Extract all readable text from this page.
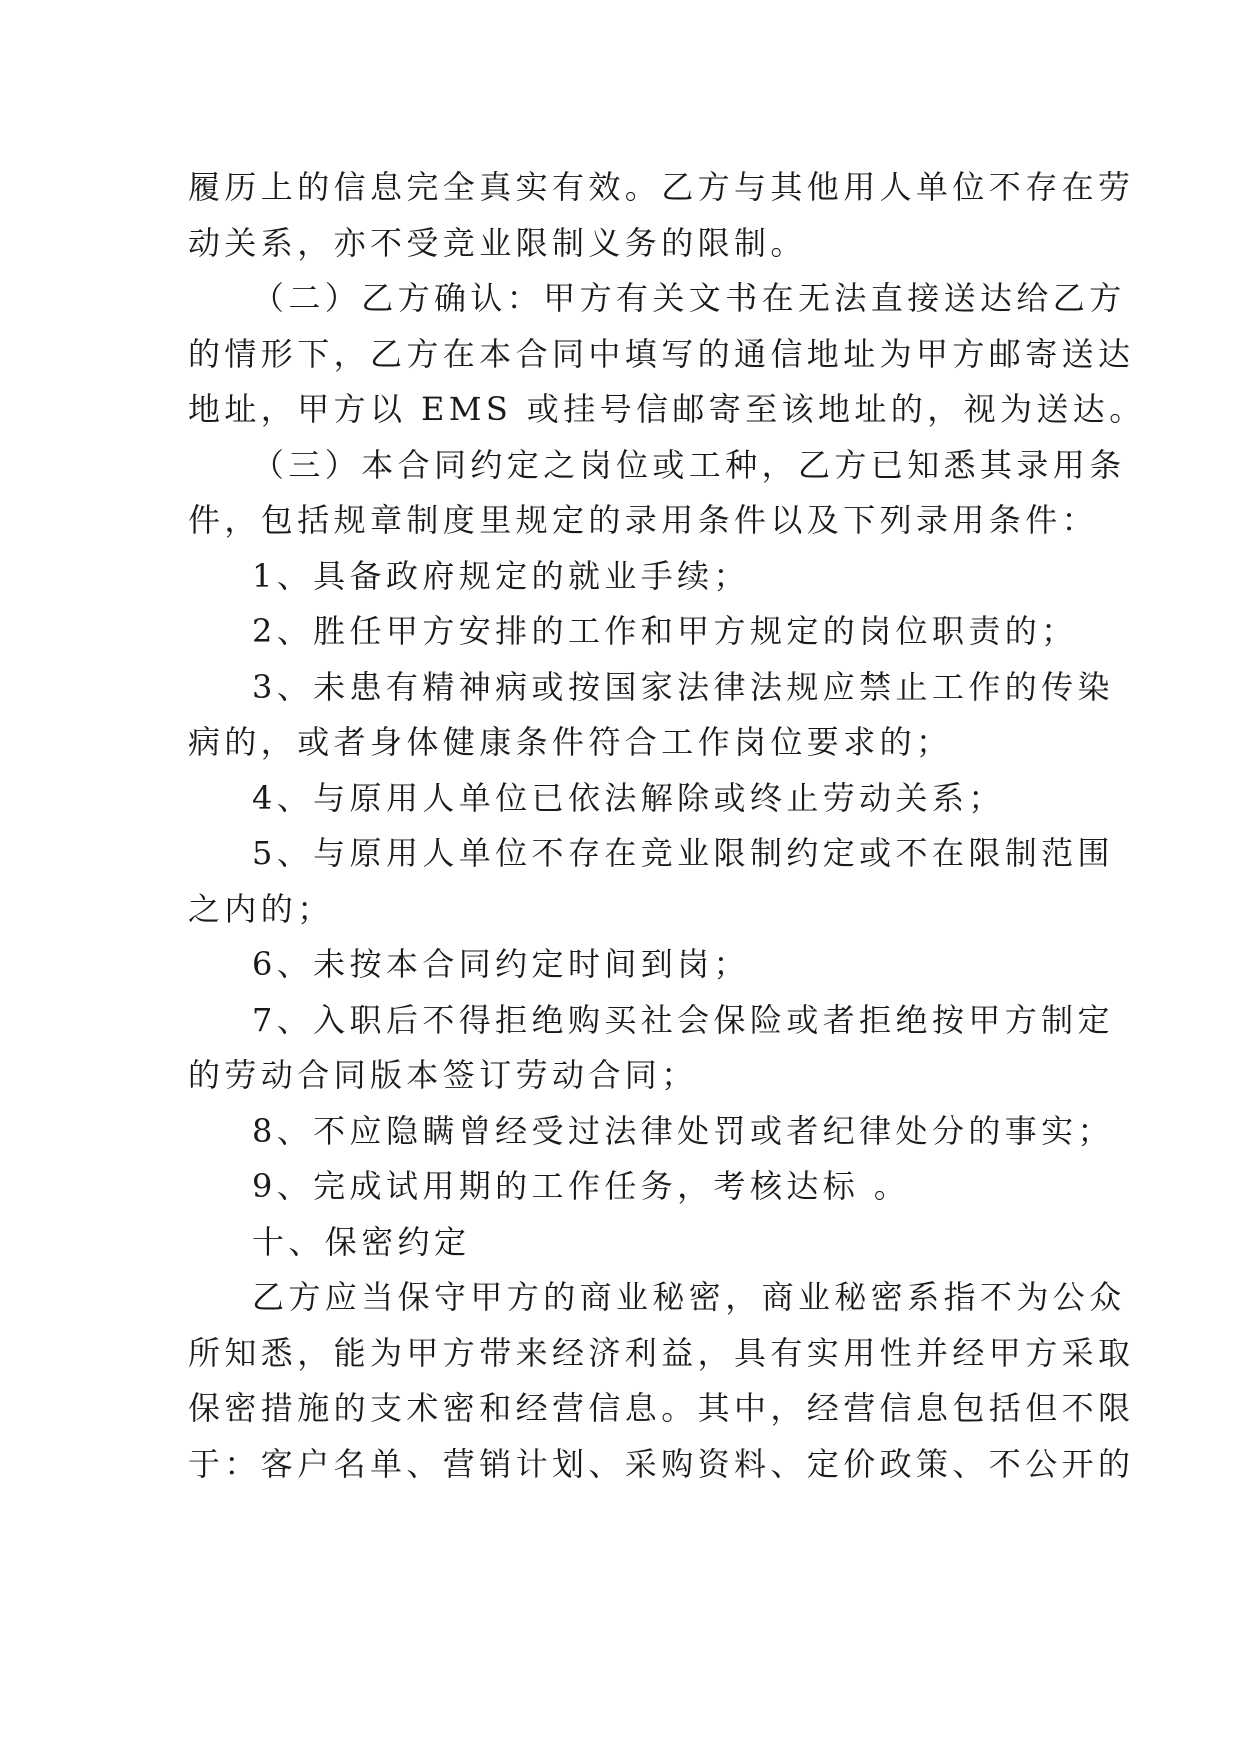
履历上的信息完全真实有效。乙方与其他用人单位不存在劳

动关系，亦不受竞业限制义务的限制。

（二）乙方确认：甲方有关文书在无法直接送达给乙方

的情形下，乙方在本合同中填写的通信地址为甲方邮寄送达

地址，甲方以 EMS 或挂号信邮寄至该地址的，视为送达。

（三）本合同约定之岗位或工种，乙方已知悉其录用条

件，包括规章制度里规定的录用条件以及下列录用条件：

1、具备政府规定的就业手续；

2、胜任甲方安排的工作和甲方规定的岗位职责的；

3、未患有精神病或按国家法律法规应禁止工作的传染

病的，或者身体健康条件符合工作岗位要求的；

4、与原用人单位已依法解除或终止劳动关系；

5、与原用人单位不存在竞业限制约定或不在限制范围

之内的；

6、未按本合同约定时间到岗；

7、入职后不得拒绝购买社会保险或者拒绝按甲方制定

的劳动合同版本签订劳动合同；

8、不应隐瞒曾经受过法律处罚或者纪律处分的事实；

9、完成试用期的工作任务，考核达标 。

十、保密约定

乙方应当保守甲方的商业秘密，商业秘密系指不为公众

所知悉，能为甲方带来经济利益，具有实用性并经甲方采取

保密措施的支术密和经营信息。其中，经营信息包括但不限

于：客户名单、营销计划、采购资料、定价政策、不公开的
